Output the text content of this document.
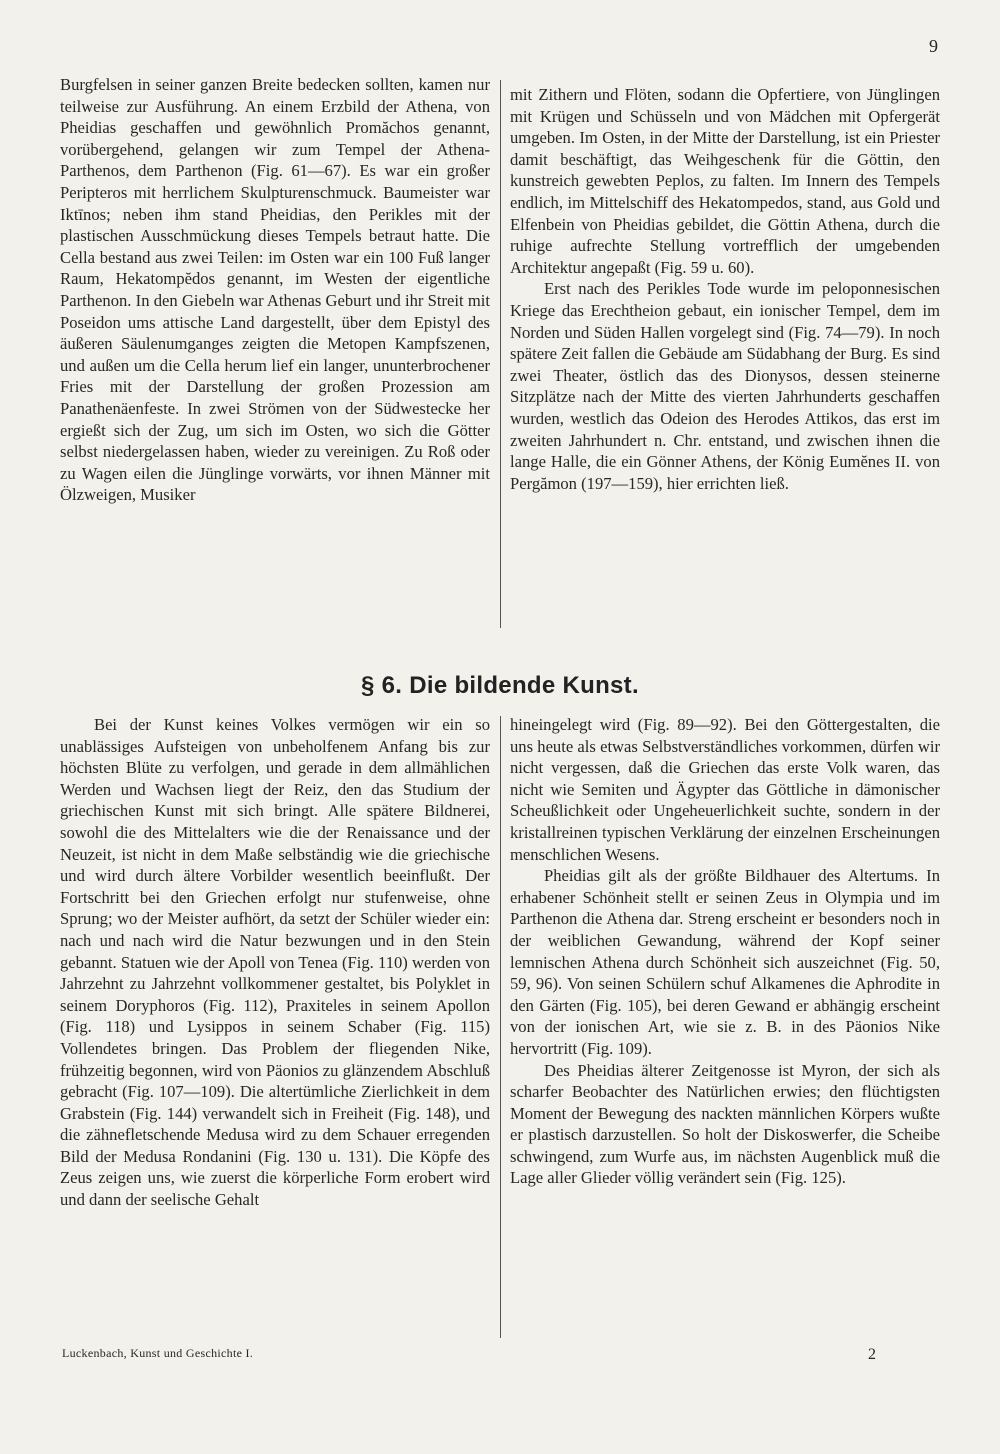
9

Burgfelsen in seiner ganzen Breite bedecken sollten, kamen nur teilweise zur Ausführung. An einem Erzbild der Athena, von Pheidias geschaffen und gewöhnlich Promăchos genannt, vorübergehend, gelangen wir zum Tempel der Athena-Parthenos, dem Parthenon (Fig. 61—67). Es war ein großer Peripteros mit herrlichem Skulpturenschmuck. Baumeister war Iktīnos; neben ihm stand Pheidias, den Perikles mit der plastischen Ausschmückung dieses Tempels betraut hatte. Die Cella bestand aus zwei Teilen: im Osten war ein 100 Fuß langer Raum, Hekatompĕdos genannt, im Westen der eigentliche Parthenon. In den Giebeln war Athenas Geburt und ihr Streit mit Poseidon ums attische Land dargestellt, über dem Epistyl des äußeren Säulenumganges zeigten die Metopen Kampfszenen, und außen um die Cella herum lief ein langer, ununterbrochener Fries mit der Darstellung der großen Prozession am Panathenäenfeste. In zwei Strömen von der Südwestecke her ergießt sich der Zug, um sich im Osten, wo sich die Götter selbst niedergelassen haben, wieder zu vereinigen. Zu Roß oder zu Wagen eilen die Jünglinge vorwärts, vor ihnen Männer mit Ölzweigen, Musiker

mit Zithern und Flöten, sodann die Opfertiere, von Jünglingen mit Krügen und Schüsseln und von Mädchen mit Opfergerät umgeben. Im Osten, in der Mitte der Darstellung, ist ein Priester damit beschäftigt, das Weihgeschenk für die Göttin, den kunstreich gewebten Peplos, zu falten. Im Innern des Tempels endlich, im Mittelschiff des Hekatompedos, stand, aus Gold und Elfenbein von Pheidias gebildet, die Göttin Athena, durch die ruhige aufrechte Stellung vortrefflich der umgebenden Architektur angepaßt (Fig. 59 u. 60).

Erst nach des Perikles Tode wurde im peloponnesischen Kriege das Erechtheion gebaut, ein ionischer Tempel, dem im Norden und Süden Hallen vorgelegt sind (Fig. 74—79). In noch spätere Zeit fallen die Gebäude am Südabhang der Burg. Es sind zwei Theater, östlich das des Dionysos, dessen steinerne Sitzplätze nach der Mitte des vierten Jahrhunderts geschaffen wurden, westlich das Odeion des Herodes Attikos, das erst im zweiten Jahrhundert n. Chr. entstand, und zwischen ihnen die lange Halle, die ein Gönner Athens, der König Eumĕnes II. von Pergămon (197—159), hier errichten ließ.

§ 6. Die bildende Kunst.

Bei der Kunst keines Volkes vermögen wir ein so unablässiges Aufsteigen von unbeholfenem Anfang bis zur höchsten Blüte zu verfolgen, und gerade in dem allmählichen Werden und Wachsen liegt der Reiz, den das Studium der griechischen Kunst mit sich bringt. Alle spätere Bildnerei, sowohl die des Mittelalters wie die der Renaissance und der Neuzeit, ist nicht in dem Maße selbständig wie die griechische und wird durch ältere Vorbilder wesentlich beeinflußt. Der Fortschritt bei den Griechen erfolgt nur stufenweise, ohne Sprung; wo der Meister aufhört, da setzt der Schüler wieder ein: nach und nach wird die Natur bezwungen und in den Stein gebannt. Statuen wie der Apoll von Tenea (Fig. 110) werden von Jahrzehnt zu Jahrzehnt vollkommener gestaltet, bis Polyklet in seinem Doryphoros (Fig. 112), Praxiteles in seinem Apollon (Fig. 118) und Lysippos in seinem Schaber (Fig. 115) Vollendetes bringen. Das Problem der fliegenden Nike, frühzeitig begonnen, wird von Päonios zu glänzendem Abschluß gebracht (Fig. 107—109). Die altertümliche Zierlichkeit in dem Grabstein (Fig. 144) verwandelt sich in Freiheit (Fig. 148), und die zähnefletschende Medusa wird zu dem Schauer erregenden Bild der Medusa Rondanini (Fig. 130 u. 131). Die Köpfe des Zeus zeigen uns, wie zuerst die körperliche Form erobert wird und dann der seelische Gehalt

hineingelegt wird (Fig. 89—92). Bei den Göttergestalten, die uns heute als etwas Selbstverständliches vorkommen, dürfen wir nicht vergessen, daß die Griechen das erste Volk waren, das nicht wie Semiten und Ägypter das Göttliche in dämonischer Scheußlichkeit oder Ungeheuerlichkeit suchte, sondern in der kristallreinen typischen Verklärung der einzelnen Erscheinungen menschlichen Wesens.

Pheidias gilt als der größte Bildhauer des Altertums. In erhabener Schönheit stellt er seinen Zeus in Olympia und im Parthenon die Athena dar. Streng erscheint er besonders noch in der weiblichen Gewandung, während der Kopf seiner lemnischen Athena durch Schönheit sich auszeichnet (Fig. 50, 59, 96). Von seinen Schülern schuf Alkamenes die Aphrodite in den Gärten (Fig. 105), bei deren Gewand er abhängig erscheint von der ionischen Art, wie sie z. B. in des Päonios Nike hervortritt (Fig. 109).

Des Pheidias älterer Zeitgenosse ist Myron, der sich als scharfer Beobachter des Natürlichen erwies; den flüchtigsten Moment der Bewegung des nackten männlichen Körpers wußte er plastisch darzustellen. So holt der Diskoswerfer, die Scheibe schwingend, zum Wurfe aus, im nächsten Augenblick muß die Lage aller Glieder völlig verändert sein (Fig. 125).

Luckenbach, Kunst und Geschichte I.	2
